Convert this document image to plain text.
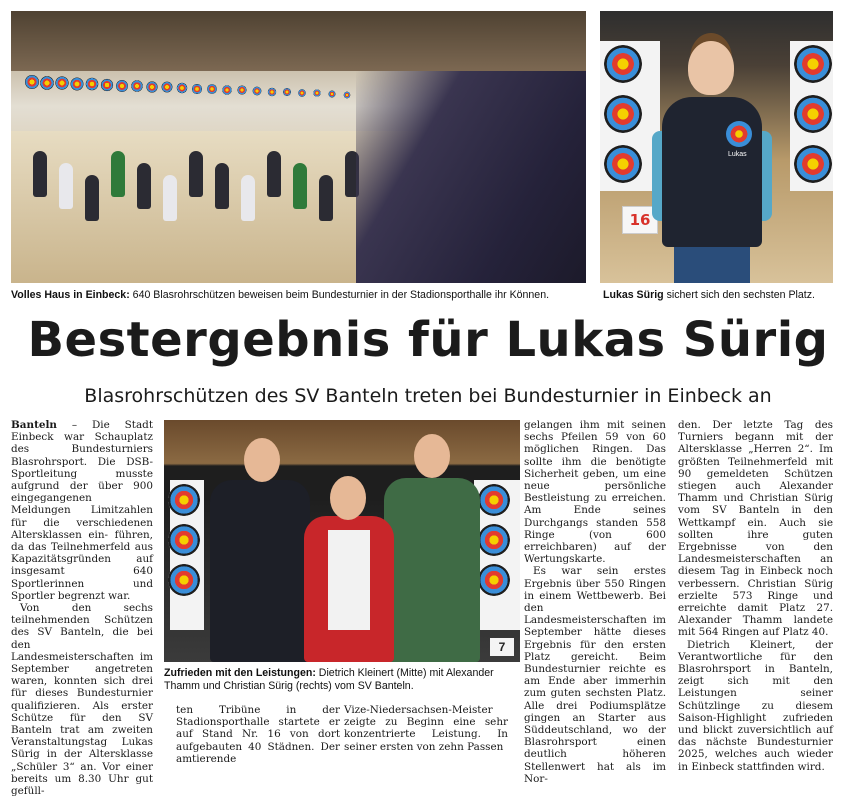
16
Lukas
Volles Haus in Einbeck: 640 Blasrohrschützen beweisen beim Bundesturnier in der Stadionsporthalle ihr Können.	Lukas Sürig sichert sich den sechsten Platz.
Bestergebnis für Lukas Sürig
Blasrohrschützen des SV Banteln treten bei Bundesturnier in Einbeck an

Banteln – Die Stadt Einbeck war Schauplatz des Bundesturniers Blasrohrsport. Die DSB-Sportleitung musste aufgrund der über 900 eingegangenen Meldungen Limitzahlen für die verschiedenen Altersklassen ein- führen, da das Teilnehmerfeld aus Kapazitätsgründen auf insgesamt 640 Sportlerinnen und Sportler begrenzt war.

Von den sechs teilnehmenden Schützen des SV Banteln, die bei den Landesmeisterschaften im September angetreten waren, konnten sich drei für dieses Bundesturnier qualifizieren. Als erster Schütze für den SV Banteln trat am zweiten Veranstaltungstag Lukas Sürig in der Altersklasse „Schüler 3“ an. Vor einer bereits um 8.30 Uhr gut gefüll-

7
Zufrieden mit den Leistungen: Dietrich Kleinert (Mitte) mit Alexander
Thamm und Christian Sürig (rechts) vom SV Banteln.

ten Tribüne in der Stadionsporthalle startete er auf Stand Nr. 16 von dort aufgebauten 40 Städnen. Der amtierende

Vize-Niedersachsen-Meister zeigte zu Beginn eine sehr konzentrierte Leistung. In seiner ersten von zehn Passen

gelangen ihm mit seinen sechs Pfeilen 59 von 60 möglichen Ringen. Das sollte ihm die benötigte Sicherheit geben, um eine neue persönliche Bestleistung zu erreichen. Am Ende seines Durchgangs standen 558 Ringe (von 600 erreichbaren) auf der Wertungskarte.

Es war sein erstes Ergebnis über 550 Ringen in einem Wettbewerb. Bei den Landesmeisterschaften im September hätte dieses Ergebnis für den ersten Platz gereicht. Beim Bundesturnier reichte es am Ende aber immerhin zum guten sechsten Platz. Alle drei Podiumsplätze gingen an Starter aus Süddeutschland, wo der Blasrohrsport einen deutlich höheren Stellenwert hat als im Nor-

den. Der letzte Tag des Turniers begann mit der Altersklasse „Herren 2“. Im größten Teilnehmerfeld mit 90 gemeldeten Schützen stiegen auch Alexander Thamm und Christian Sürig vom SV Banteln in den Wettkampf ein. Auch sie sollten ihre guten Ergebnisse von den Landesmeisterschaften an diesem Tag in Einbeck noch verbessern. Christian Sürig erzielte 573 Ringe und erreichte damit Platz 27. Alexander Thamm landete mit 564 Ringen auf Platz 40.

Dietrich Kleinert, der Verantwortliche für den Blasrohrsport in Banteln, zeigt sich mit den Leistungen seiner Schützlinge zu diesem Saison-Highlight zufrieden und blickt zuversichtlich auf das nächste Bundesturnier 2025, welches auch wieder in Einbeck stattfinden wird.
